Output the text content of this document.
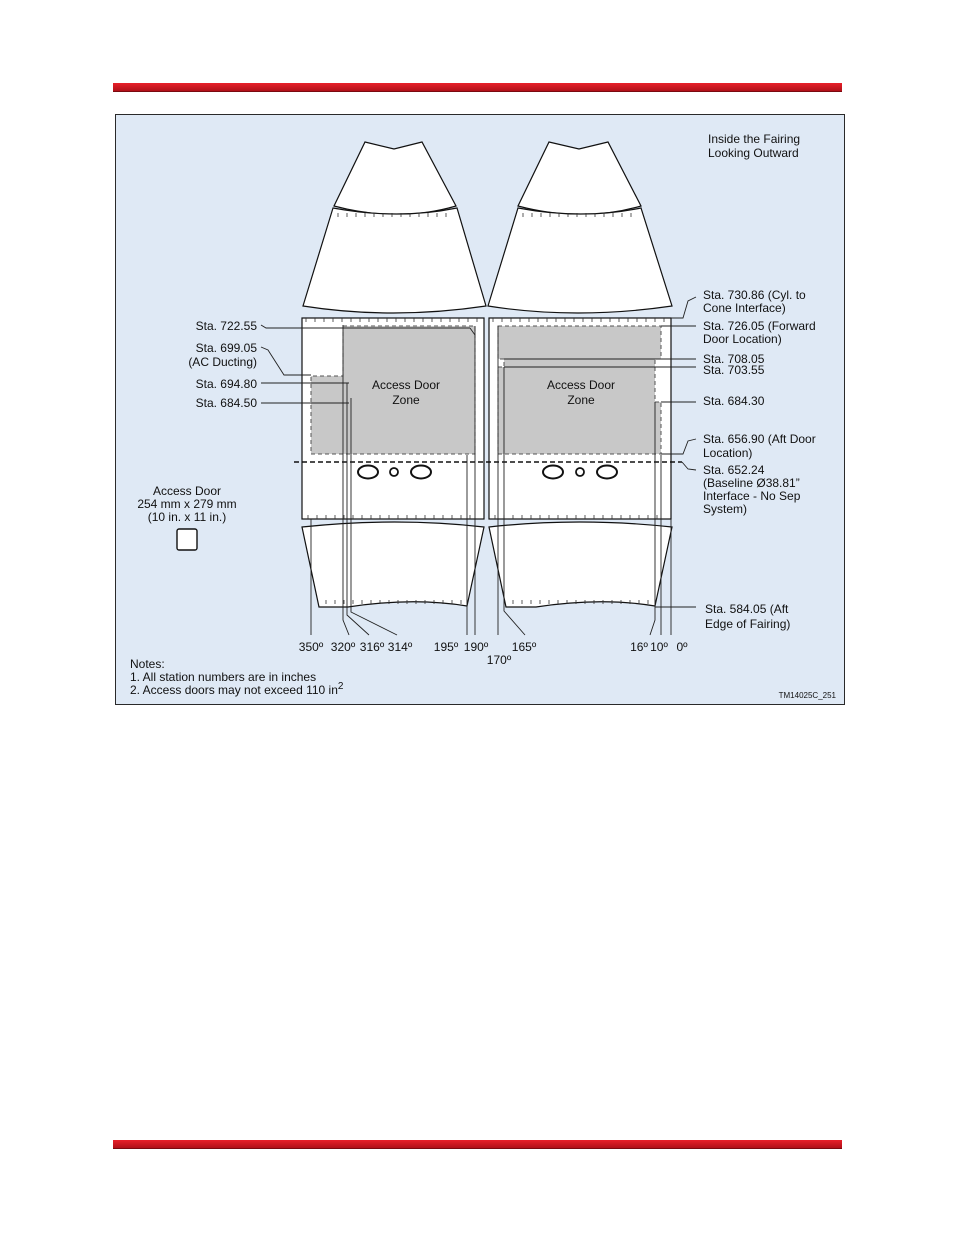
Access Door
254 mm x 279 mm
(10 in. x 11 in.)
Inside the Fairing
Looking Outward
Access Door
Zone
Access Door
Zone
Sta. 722.55
Sta. 699.05
(AC Ducting)
Sta. 694.80
Sta. 684.50
Sta. 730.86 (Cyl. to
Cone Interface)
Sta. 726.05 (Forward
Door Location)
Sta. 708.05
Sta. 703.55
Sta. 684.30
Sta. 656.90 (Aft Door
Location)
Sta. 652.24
(Baseline Ø38.81”
Interface - No Sep
System)
Sta. 584.05 (Aft
Edge of Fairing)
350º 320º 316º 314º 195º 190º
170º
165º	16º 10º 0º
Notes:
1. All station numbers are in inches
2. Access doors may not exceed 110 $in^2$
TM14025C_251
